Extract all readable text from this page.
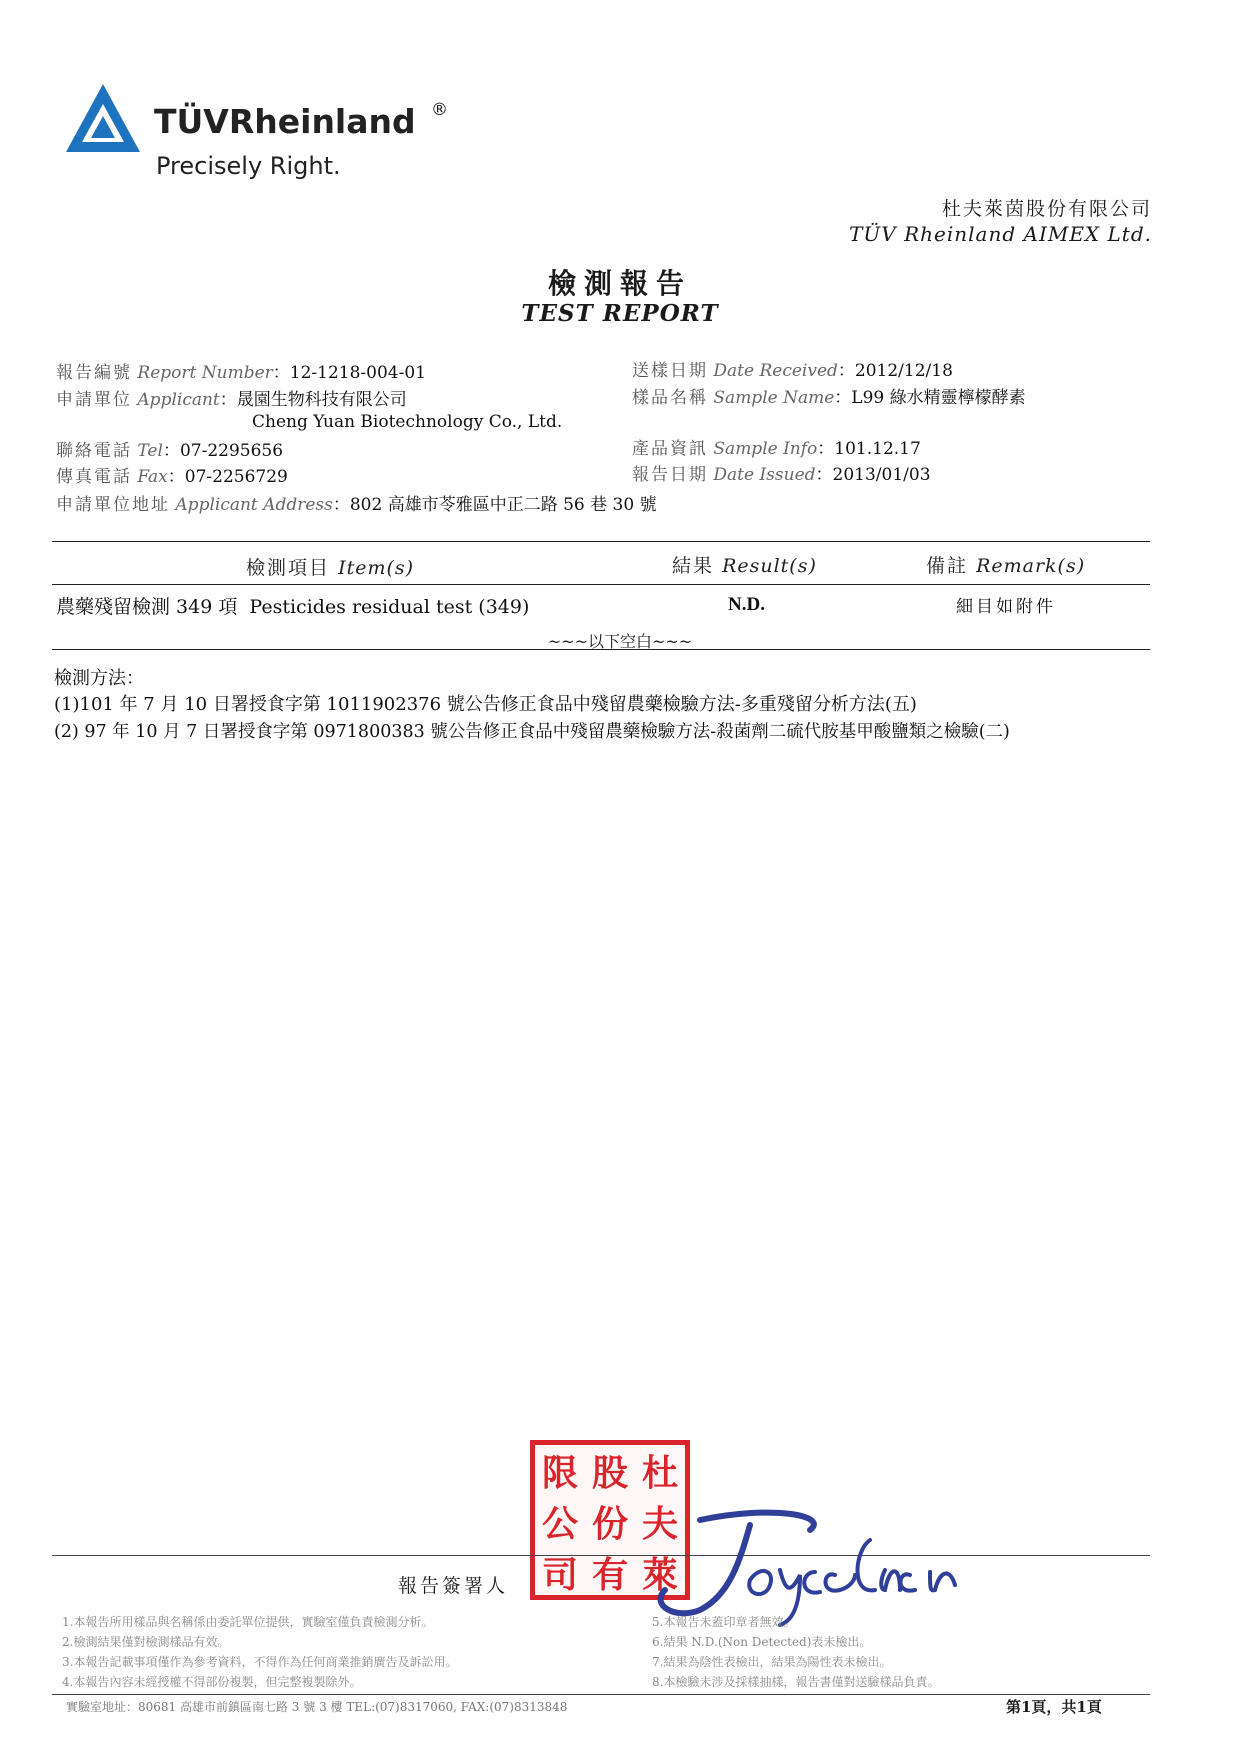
TÜVRheinland ®
Precisely Right.
杜夫萊茵股份有限公司
TÜV Rheinland AIMEX Ltd.
檢測報告
TEST REPORT
報告編號 Report Number：12-1218-004-01
申請單位 Applicant：晟園生物科技有限公司
Cheng Yuan Biotechnology Co., Ltd.
聯絡電話 Tel：07-2295656
傳真電話 Fax：07-2256729
申請單位地址 Applicant Address：802 高雄市苓雅區中正二路 56 巷 30 號
送樣日期 Date Received：2012/12/18
樣品名稱 Sample Name：L99 綠水精靈檸檬酵素
產品資訊 Sample Info：101.12.17
報告日期 Date Issued：2013/01/03
檢測項目 Item(s)	結果 Result(s)	備註 Remark(s)
農藥殘留檢測 349 項  Pesticides residual test (349)	N.D.	細目如附件
~~~以下空白~~~
檢測方法：
(1)101 年 7 月 10 日署授食字第 1011902376 號公告修正食品中殘留農藥檢驗方法-多重殘留分析方法(五)
(2) 97 年 10 月 7 日署授食字第 0971800383 號公告修正食品中殘留農藥檢驗方法-殺菌劑二硫代胺基甲酸鹽類之檢驗(二)
限 股 杜
公 份 夫
司 有 萊
報告簽署人
1.本報告所用樣品與名稱係由委託單位提供，實驗室僅負責檢測分析。
2.檢測結果僅對檢測樣品有效。
3.本報告記載事項僅作為參考資料，不得作為任何商業推銷廣告及訴訟用。
4.本報告內容未經授權不得部份複製，但完整複製除外。
5.本報告未蓋印章者無效。
6.結果 N.D.(Non Detected)表未檢出。
7.結果為陰性表檢出，結果為陽性表未檢出。
8.本檢驗未涉及採樣抽樣，報告書僅對送驗樣品負責。
實驗室地址：80681 高雄市前鎮區南七路 3 號 3 樓 TEL:(07)8317060, FAX:(07)8313848	第1頁，共1頁
